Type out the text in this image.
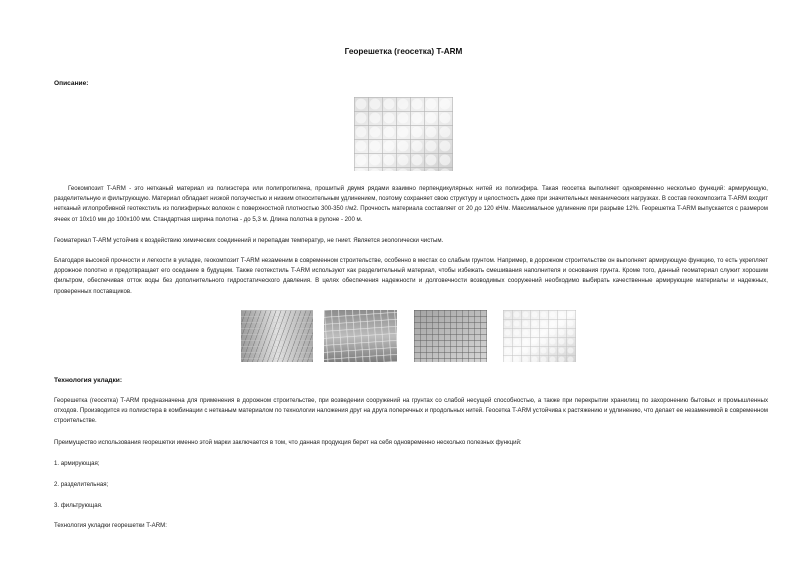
Георешетка (геосетка) T-ARM
Описание:
Геокомпозит T-ARM - это нетканый материал из полиэстера или полипропилена, прошитый двумя рядами взаимно перпендикулярных нитей из полиэфира. Такая геосетка выполняет одновременно несколько функций: армирующую, разделительную и фильтрующую. Материал обладает низкой ползучестью и низким относительным удлинением, поэтому сохраняет свою структуру и целостность даже при значительных механических нагрузках. В состав геокомпозита T-ARM входит нетканый иглопробивной геотекстиль из полиэфирных волокон с поверхностной плотностью 300-350 г/м2. Прочность материала составляет от 20 до 120 кН/м. Максимальное удлинение при разрыве 12%. Георешетка T-ARM выпускается с размером ячеек от 10х10 мм до 100х100 мм. Стандартная ширина полотна - до 5,3 м. Длина полотна в рулоне - 200 м.
Геоматериал T-ARM устойчив к воздействию химических соединений и перепадам температур, не гниет. Является экологически чистым.
Благодаря высокой прочности и легкости в укладке, геокомпозит T-ARM незаменим в современном строительстве, особенно в местах со слабым грунтом. Например, в дорожном строительстве он выполняет армирующую функцию, то есть укрепляет дорожное полотно и предотвращает его оседание в будущем. Также геотекстиль T-ARM используют как разделительный материал, чтобы избежать смешивания наполнителя и основания грунта. Кроме того, данный геоматериал служит хорошим фильтром, обеспечивая отток воды без дополнительного гидростатического давления. В целях обеспечения надежности и долговечности возводимых сооружений необходимо выбирать качественные армирующие материалы и надежных, проверенных поставщиков.
Технология укладки:
Георешетка (геосетка) T-ARM предназначена для применения в дорожном строительстве, при возведении сооружений на грунтах со слабой несущей способностью, а также при перекрытии хранилищ по захоронению бытовых и промышленных отходов. Производится из полиэстера в комбинации с нетканым материалом по технологии наложения друг на друга поперечных и продольных нитей. Геосетка T-ARM устойчива к растяжению и удлинению, что делает ее незаменимой в современном строительстве.
Преимущество использования георешетки именно этой марки заключается в том, что данная продукция берет на себя одновременно несколько полезных функций:
1. армирующая;
2. разделительная;
3. фильтрующая.
Технология укладки георешетки T-ARM:
